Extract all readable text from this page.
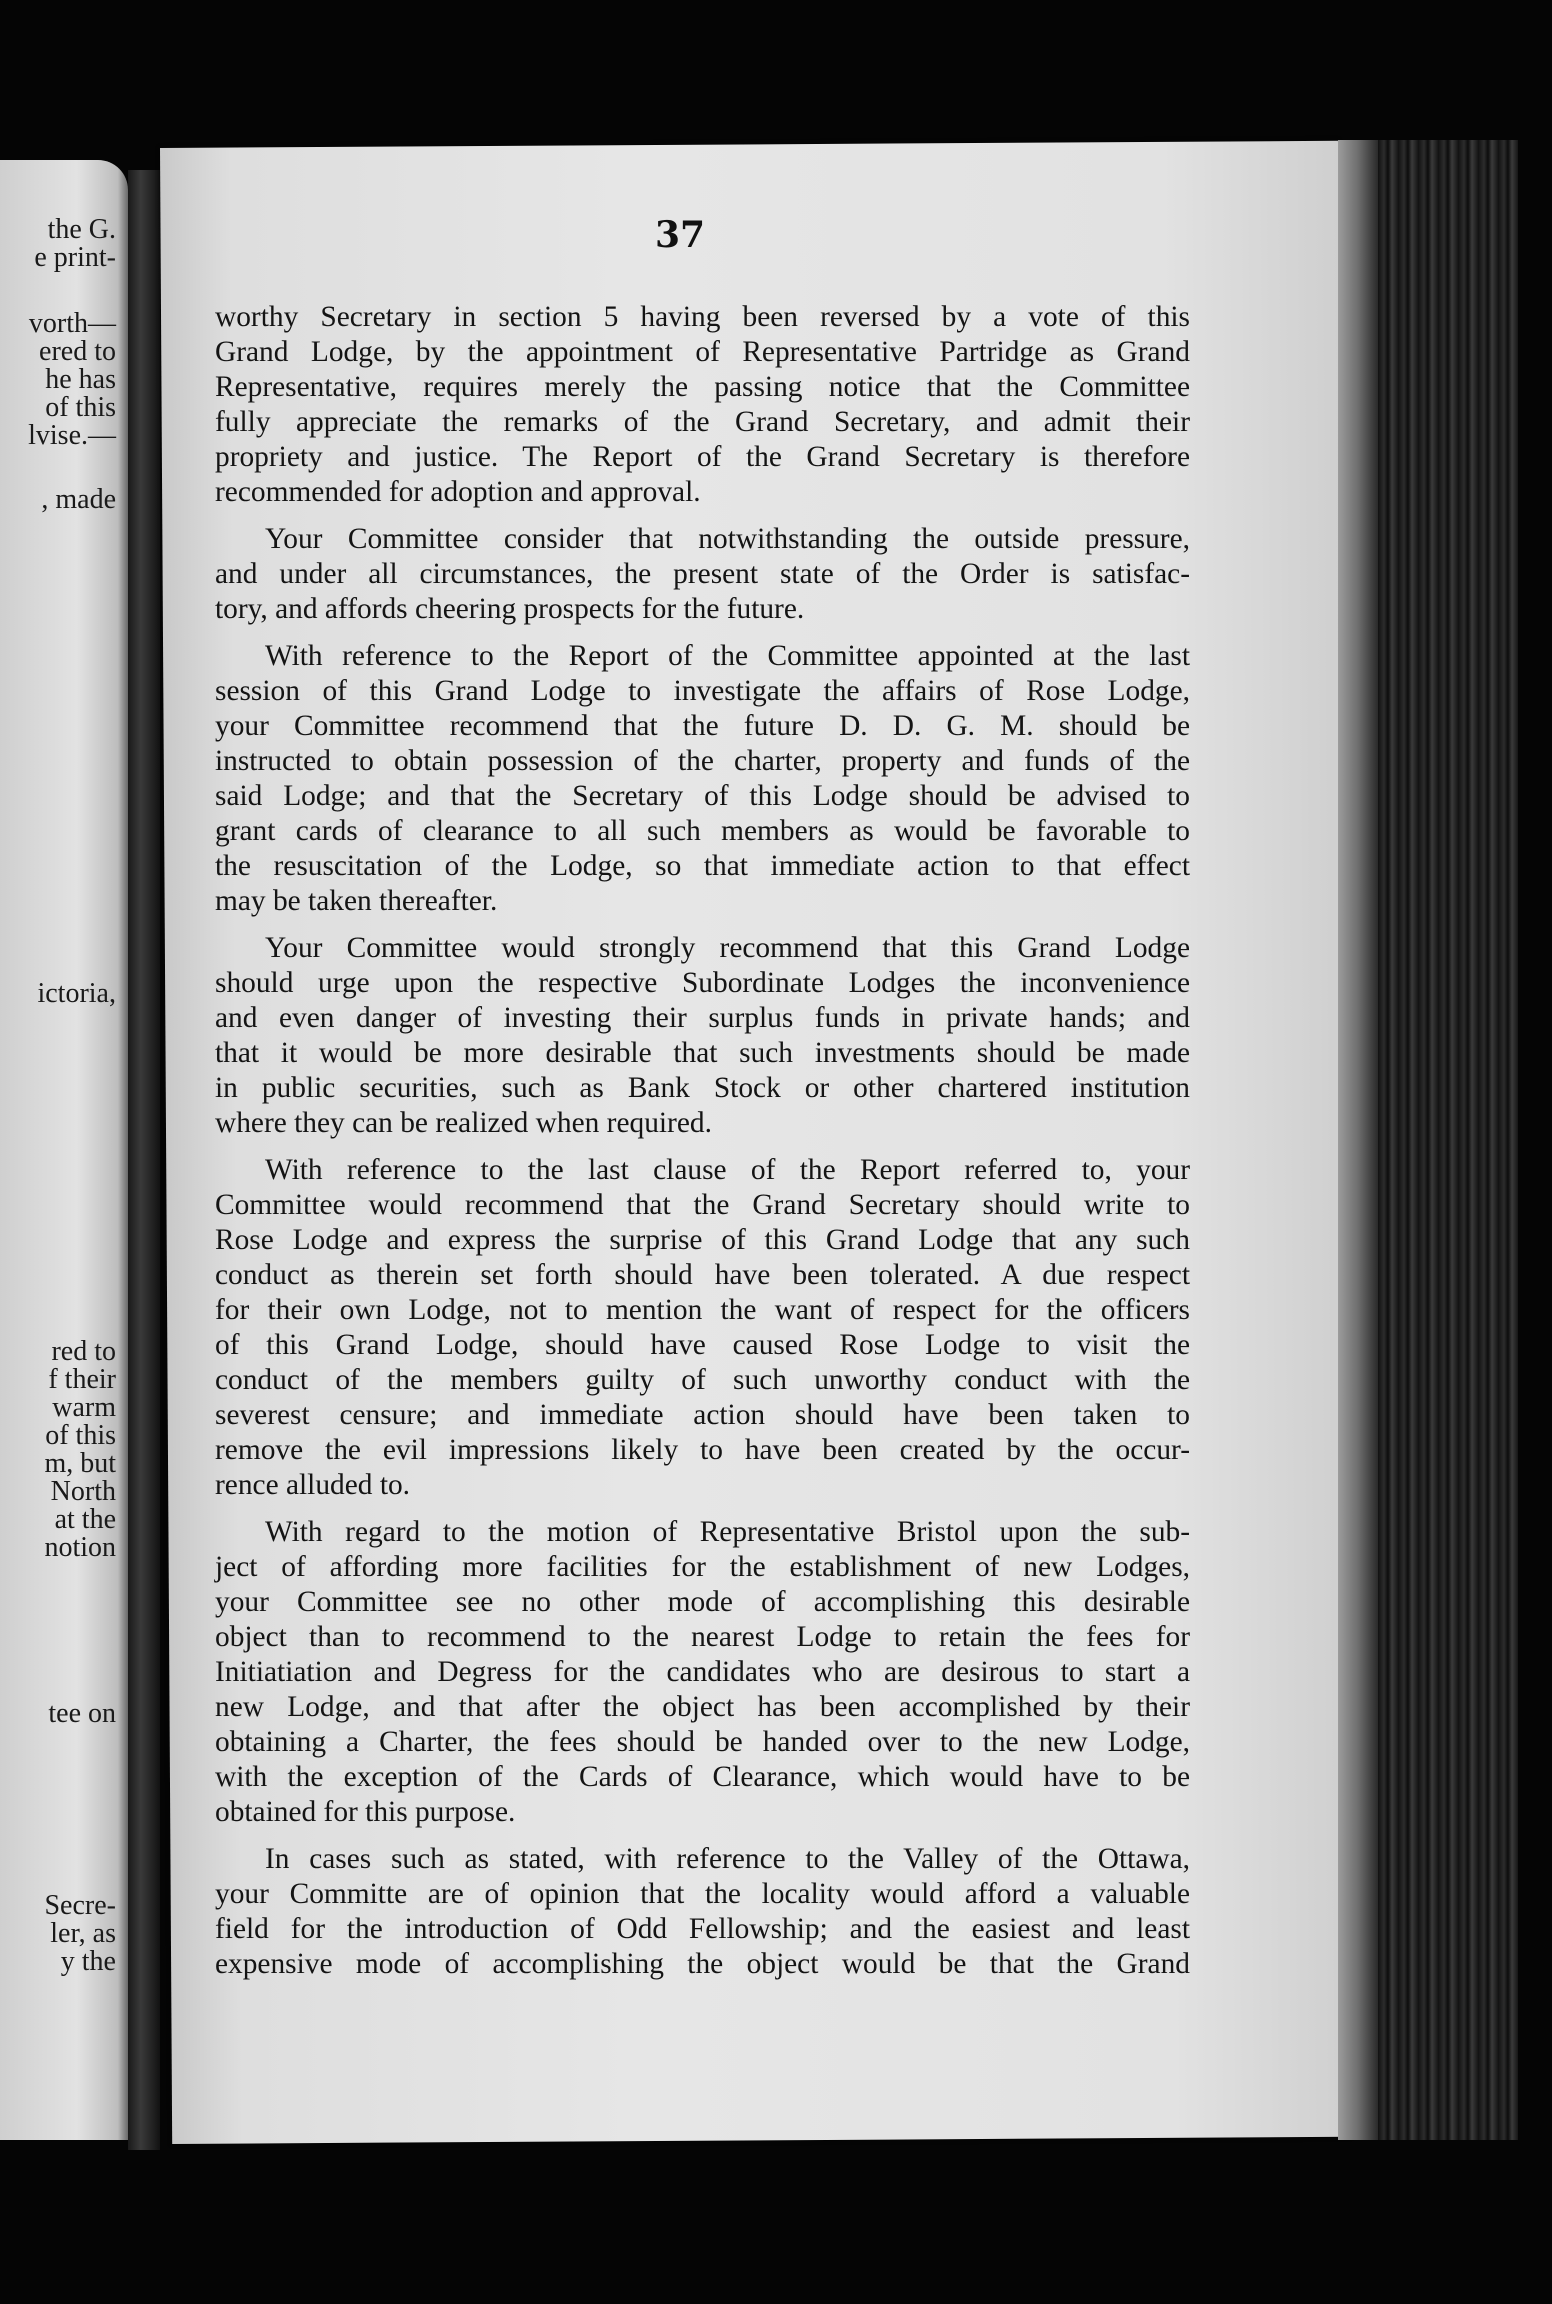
the G.
e print-
vorth—
ered to
he has
of this
lvise.—
, made
ictoria,
red to
f their
warm
of this
m, but
North
at the
notion
tee on
Secre-
ler, as
y the
37
worthy Secretary in section 5 having been reversed by a vote of this
Grand Lodge, by the appointment of Representative Partridge as Grand
Representative, requires merely the passing notice that the Committee
fully appreciate the remarks of the Grand Secretary, and admit their
propriety and justice. The Report of the Grand Secretary is therefore
recommended for adoption and approval.
Your Committee consider that notwithstanding the outside pressure,
and under all circumstances, the present state of the Order is satisfac-
tory, and affords cheering prospects for the future.
With reference to the Report of the Committee appointed at the last
session of this Grand Lodge to investigate the affairs of Rose Lodge,
your Committee recommend that the future D. D. G. M. should be
instructed to obtain possession of the charter, property and funds of the
said Lodge; and that the Secretary of this Lodge should be advised to
grant cards of clearance to all such members as would be favorable to
the resuscitation of the Lodge, so that immediate action to that effect
may be taken thereafter.
Your Committee would strongly recommend that this Grand Lodge
should urge upon the respective Subordinate Lodges the inconvenience
and even danger of investing their surplus funds in private hands; and
that it would be more desirable that such investments should be made
in public securities, such as Bank Stock or other chartered institution
where they can be realized when required.
With reference to the last clause of the Report referred to, your
Committee would recommend that the Grand Secretary should write to
Rose Lodge and express the surprise of this Grand Lodge that any such
conduct as therein set forth should have been tolerated. A due respect
for their own Lodge, not to mention the want of respect for the officers
of this Grand Lodge, should have caused Rose Lodge to visit the
conduct of the members guilty of such unworthy conduct with the
severest censure; and immediate action should have been taken to
remove the evil impressions likely to have been created by the occur-
rence alluded to.
With regard to the motion of Representative Bristol upon the sub-
ject of affording more facilities for the establishment of new Lodges,
your Committee see no other mode of accomplishing this desirable
object than to recommend to the nearest Lodge to retain the fees for
Initiatiation and Degress for the candidates who are desirous to start a
new Lodge, and that after the object has been accomplished by their
obtaining a Charter, the fees should be handed over to the new Lodge,
with the exception of the Cards of Clearance, which would have to be
obtained for this purpose.
In cases such as stated, with reference to the Valley of the Ottawa,
your Committe are of opinion that the locality would afford a valuable
field for the introduction of Odd Fellowship; and the easiest and least
expensive mode of accomplishing the object would be that the Grand
